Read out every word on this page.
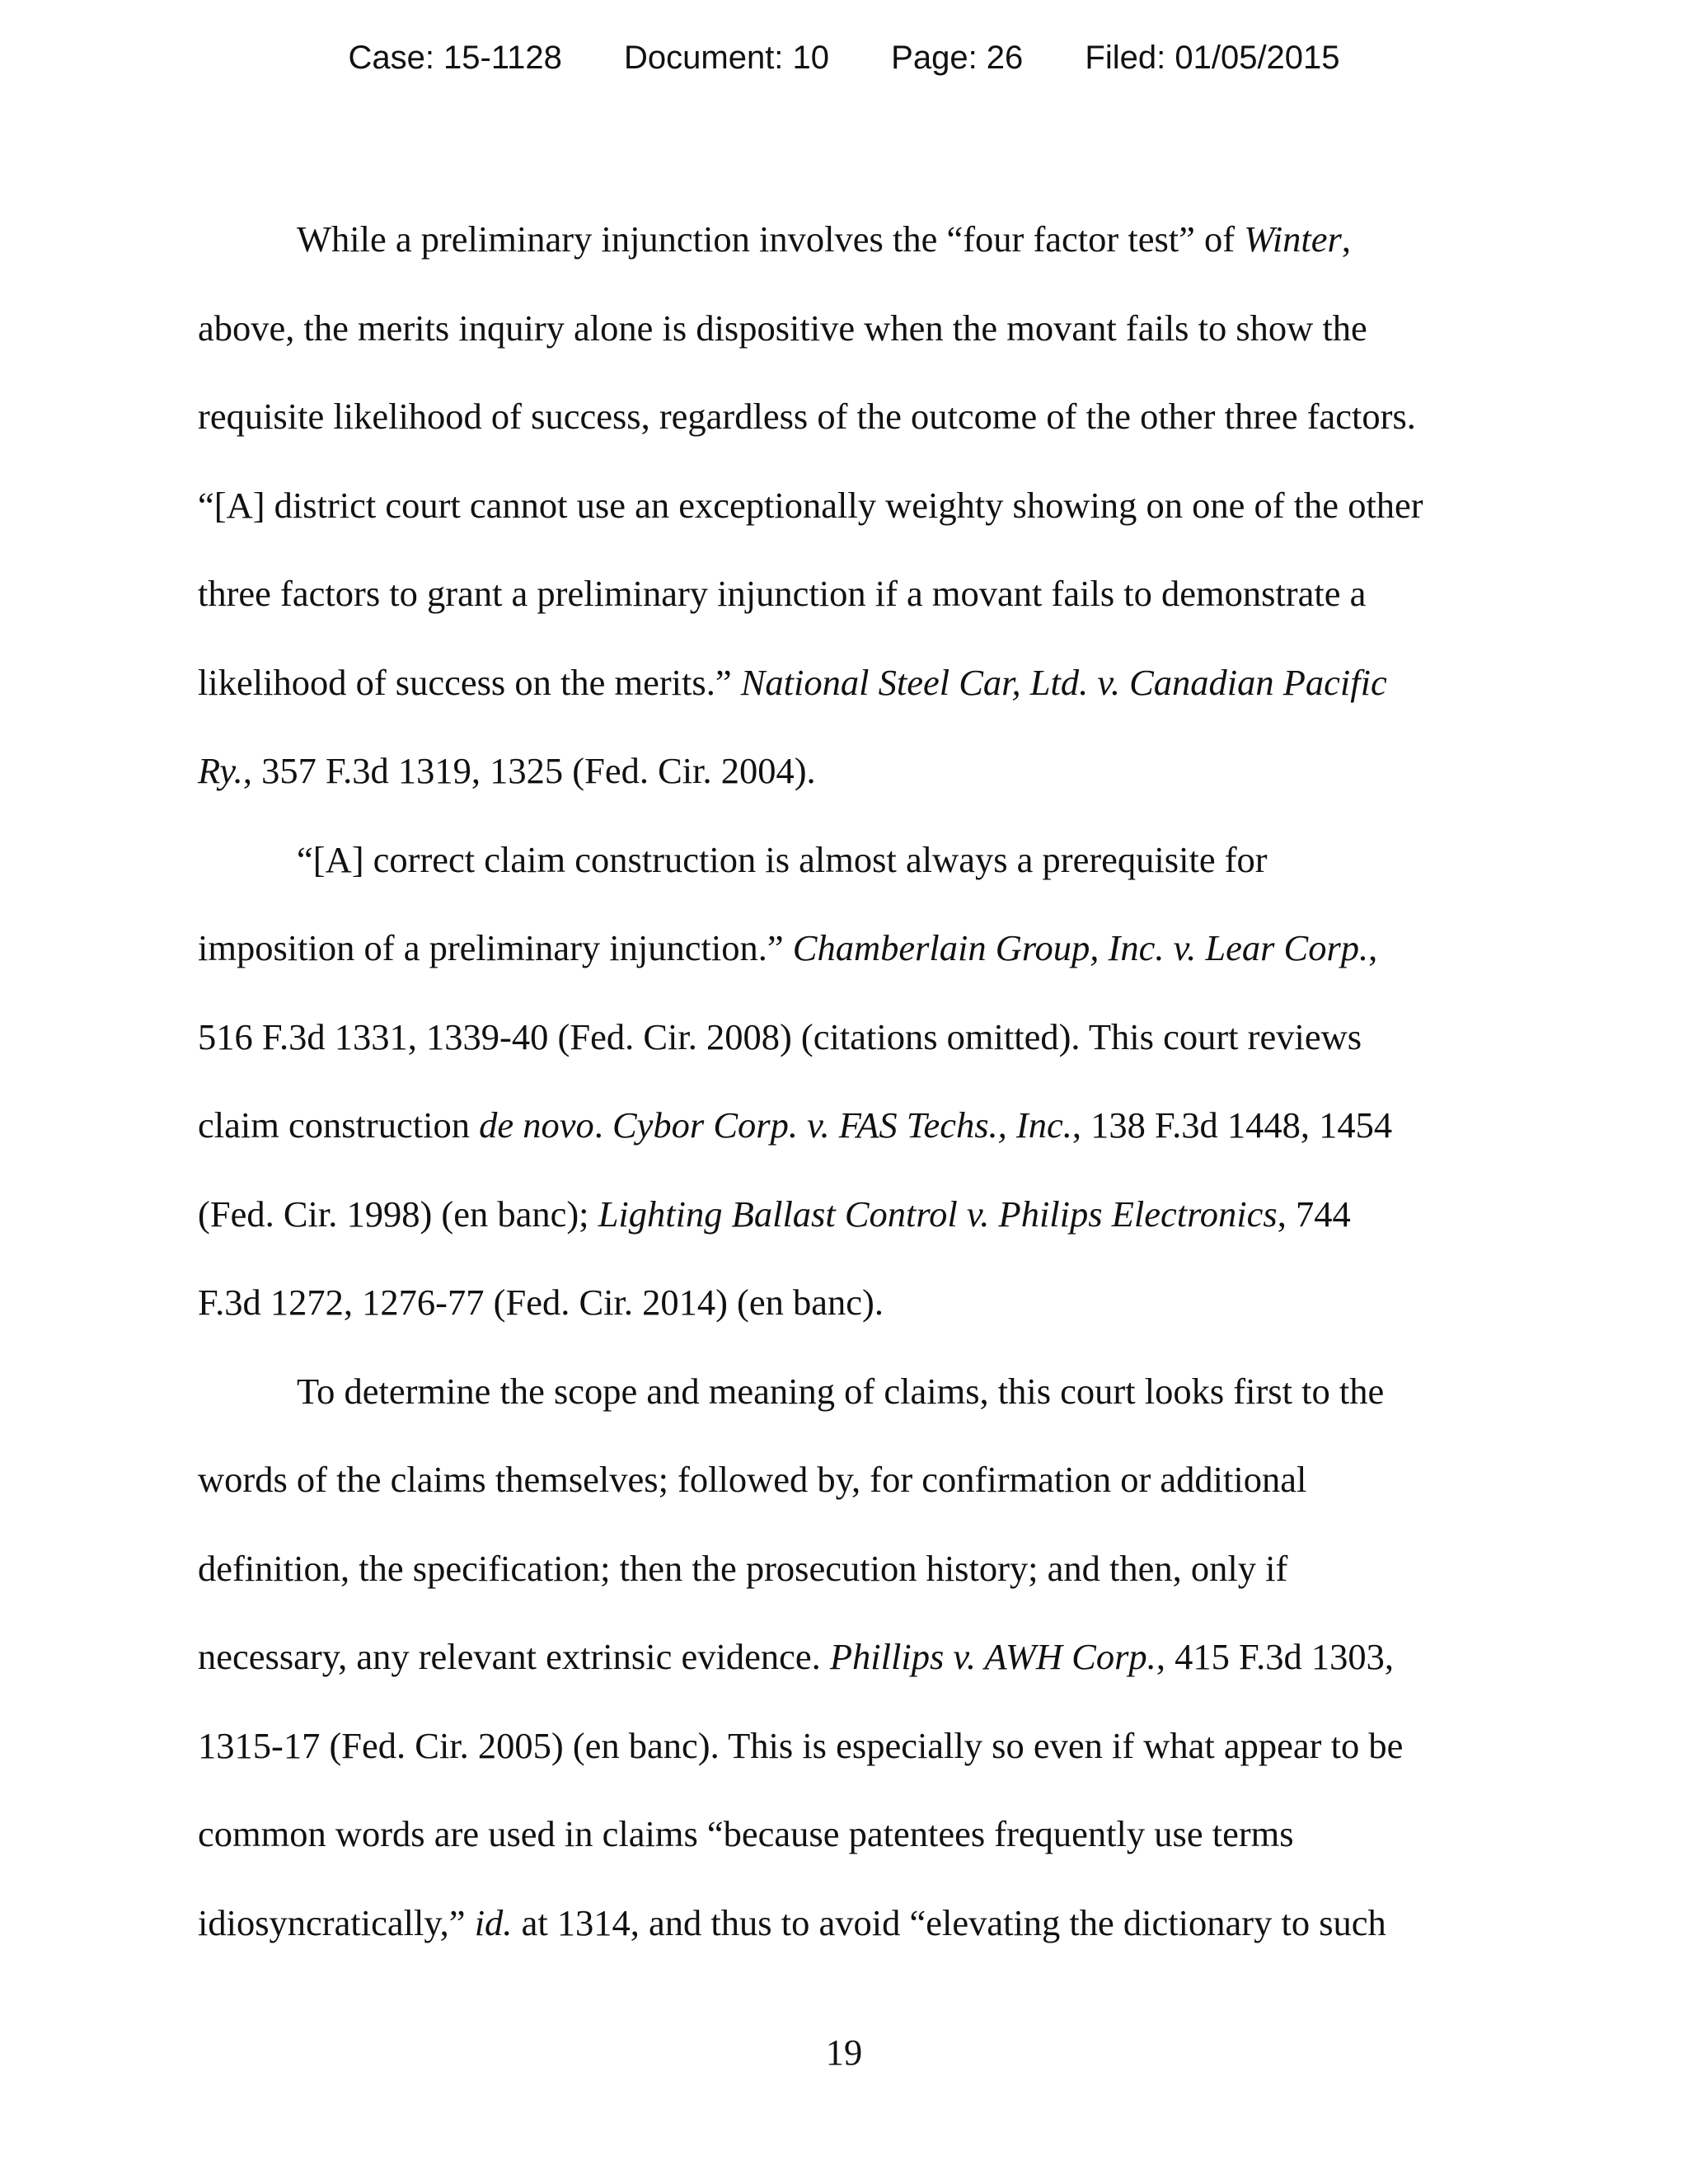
Case: 15-1128 Document: 10 Page: 26 Filed: 01/05/2015
While a preliminary injunction involves the “four factor test” of Winter,
above, the merits inquiry alone is dispositive when the movant fails to show the
requisite likelihood of success, regardless of the outcome of the other three factors.
“[A] district court cannot use an exceptionally weighty showing on one of the other
three factors to grant a preliminary injunction if a movant fails to demonstrate a
likelihood of success on the merits.” National Steel Car, Ltd. v. Canadian Pacific
Ry., 357 F.3d 1319, 1325 (Fed. Cir. 2004).
“[A] correct claim construction is almost always a prerequisite for
imposition of a preliminary injunction.” Chamberlain Group, Inc. v. Lear Corp.,
516 F.3d 1331, 1339-40 (Fed. Cir. 2008) (citations omitted). This court reviews
claim construction de novo. Cybor Corp. v. FAS Techs., Inc., 138 F.3d 1448, 1454
(Fed. Cir. 1998) (en banc); Lighting Ballast Control v. Philips Electronics, 744
F.3d 1272, 1276-77 (Fed. Cir. 2014) (en banc).
To determine the scope and meaning of claims, this court looks first to the
words of the claims themselves; followed by, for confirmation or additional
definition, the specification; then the prosecution history; and then, only if
necessary, any relevant extrinsic evidence. Phillips v. AWH Corp., 415 F.3d 1303,
1315-17 (Fed. Cir. 2005) (en banc). This is especially so even if what appear to be
common words are used in claims “because patentees frequently use terms
idiosyncratically,” id. at 1314, and thus to avoid “elevating the dictionary to such
19
